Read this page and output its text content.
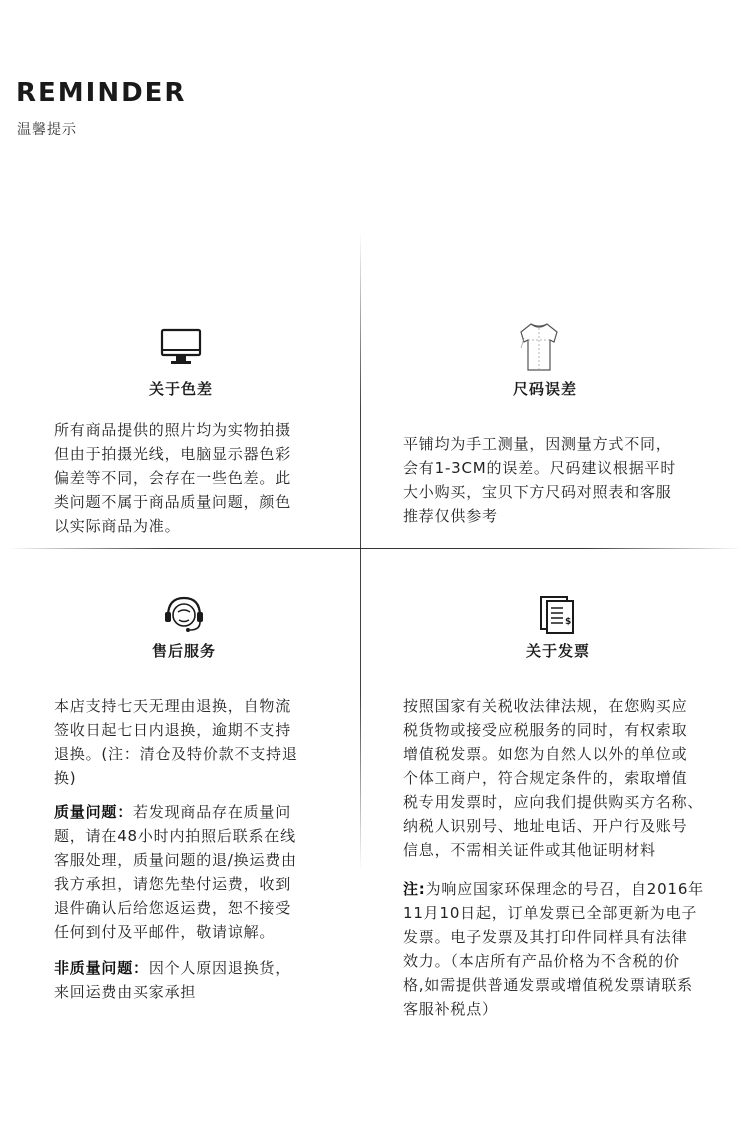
REMINDER
温馨提示
关于色差
所有商品提供的照片均为实物拍摄
但由于拍摄光线，电脑显示器色彩
偏差等不同，会存在一些色差。此
类问题不属于商品质量问题，颜色
以实际商品为准。
尺码误差
平铺均为手工测量，因测量方式不同，
会有1-3CM的误差。尺码建议根据平时
大小购买，宝贝下方尺码对照表和客服
推荐仅供参考
售后服务
本店支持七天无理由退换，自物流
签收日起七日内退换，逾期不支持
退换。(注：清仓及特价款不支持退
换)
质量问题：若发现商品存在质量问
题，请在48小时内拍照后联系在线
客服处理，质量问题的退/换运费由
我方承担，请您先垫付运费，收到
退件确认后给您返运费，恕不接受
任何到付及平邮件，敬请谅解。
非质量问题：因个人原因退换货，
来回运费由买家承担
$
关于发票
按照国家有关税收法律法规，在您购买应
税货物或接受应税服务的同时，有权索取
增值税发票。如您为自然人以外的单位或
个体工商户，符合规定条件的，索取增值
税专用发票时，应向我们提供购买方名称、
纳税人识别号、地址电话、开户行及账号
信息，不需相关证件或其他证明材料
注:为响应国家环保理念的号召，自2016年
11月10日起，订单发票已全部更新为电子
发票。电子发票及其打印件同样具有法律
效力。（本店所有产品价格为不含税的价
格,如需提供普通发票或增值税发票请联系
客服补税点）
